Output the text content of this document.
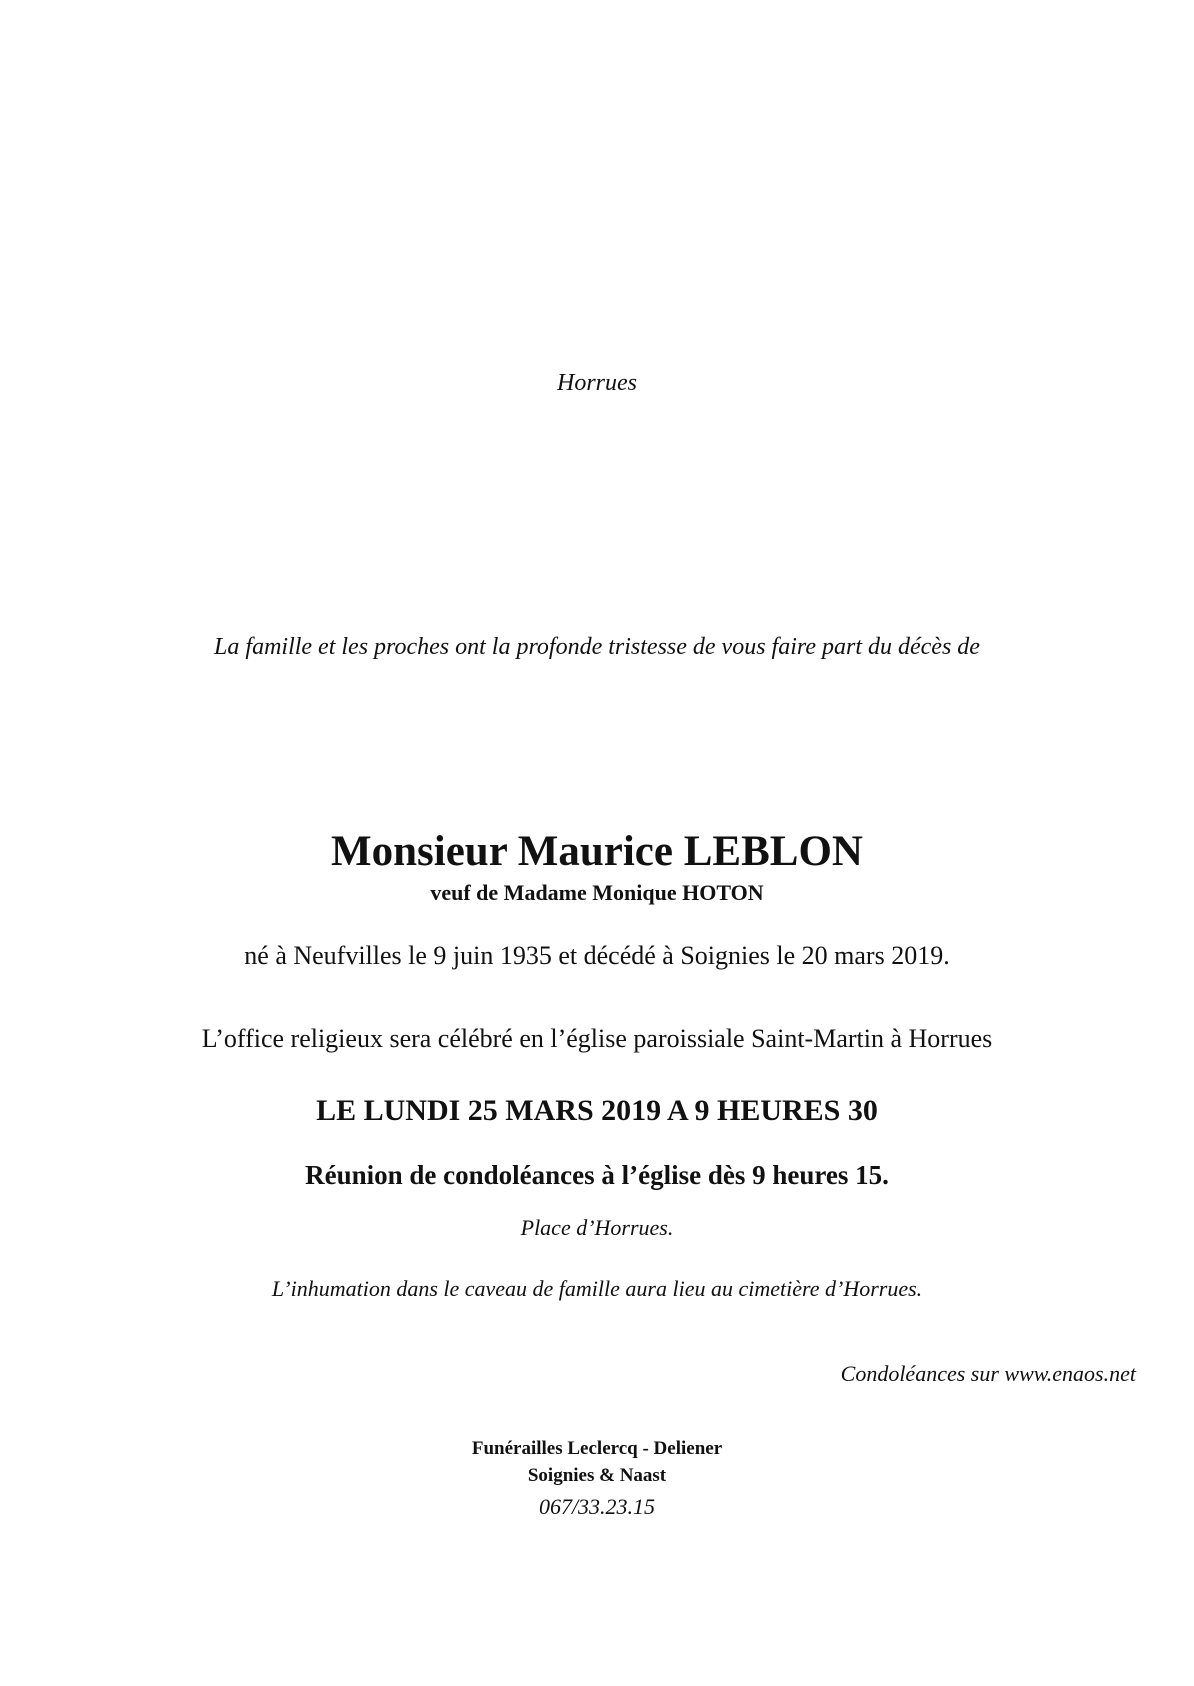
Horrues
La famille et les proches ont la profonde tristesse de vous faire part du décès de
Monsieur Maurice LEBLON
veuf de Madame Monique HOTON
né à Neufvilles le 9 juin 1935 et décédé à Soignies le 20 mars 2019.
L’office religieux sera célébré en l’église paroissiale Saint-Martin à Horrues
LE LUNDI 25 MARS 2019 A 9 HEURES 30
Réunion de condoléances à l’église dès 9 heures 15.
Place d’Horrues.
L’inhumation dans le caveau de famille aura lieu au cimetière d’Horrues.
Condoléances sur www.enaos.net
Funérailles Leclercq - Deliener
Soignies & Naast
067/33.23.15
